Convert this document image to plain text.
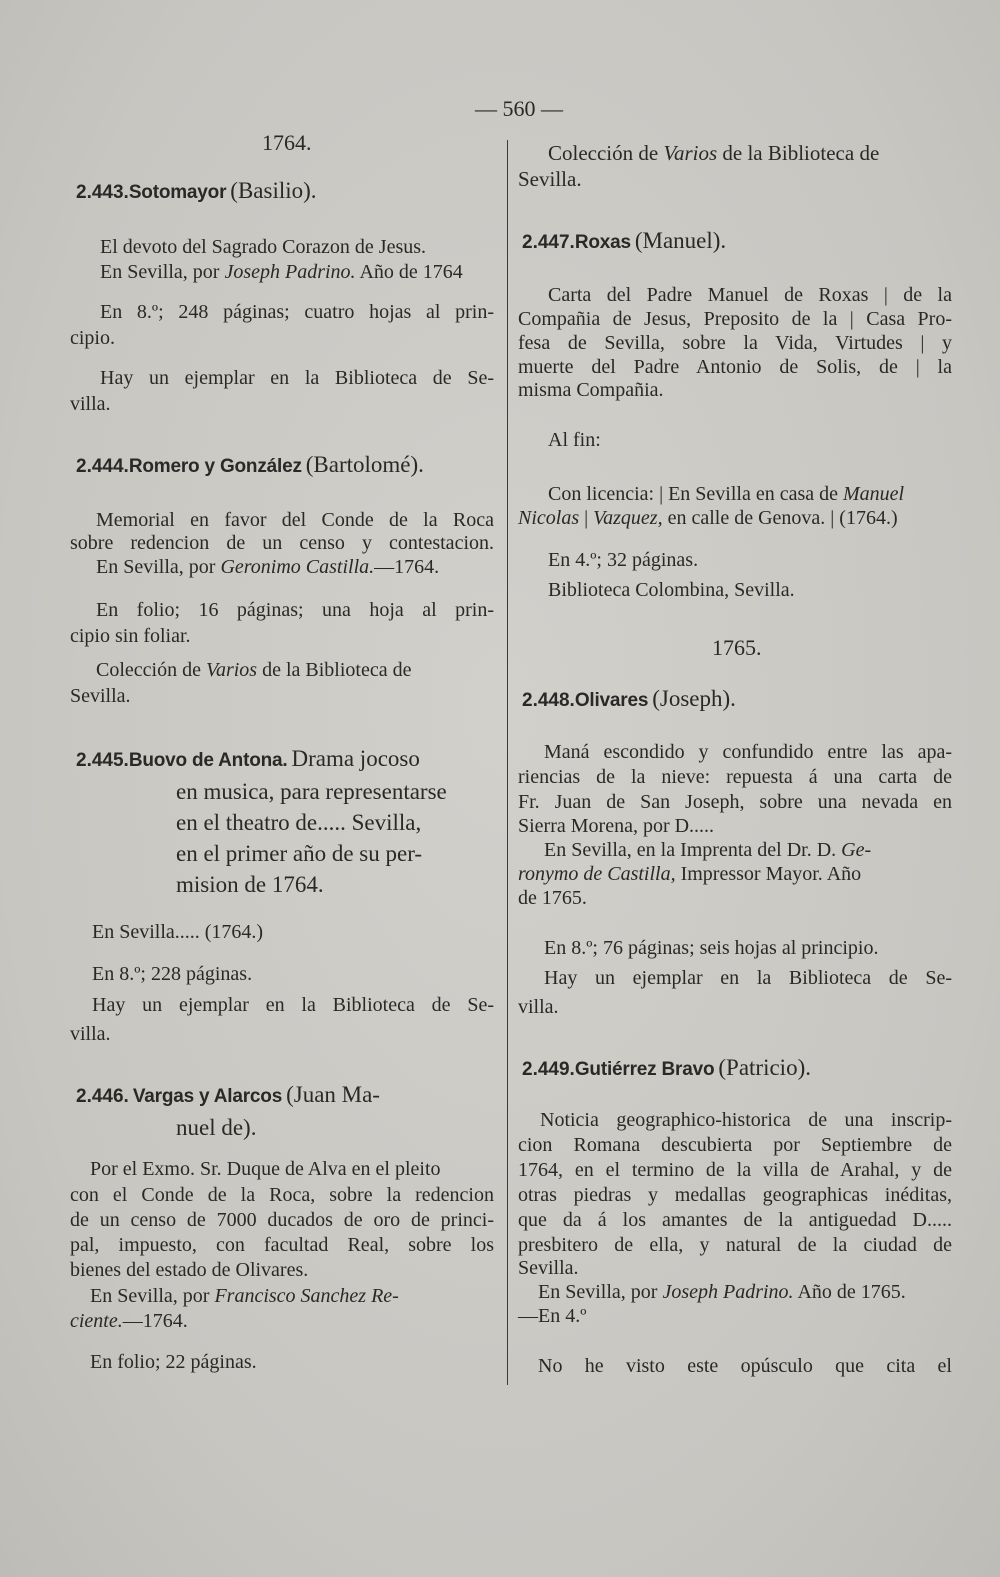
— 560 —
1764.
2.443.Sotomayor (Basilio).
El devoto del Sagrado Corazon de Jesus.
En Sevilla, por Joseph Padrino. Año de 1764
En 8.º; 248 páginas; cuatro hojas al prin-
cipio.
Hay un ejemplar en la Biblioteca de Se-
villa.
2.444.Romero y González (Bartolomé).
Memorial en favor del Conde de la Roca
sobre redencion de un censo y contestacion.
En Sevilla, por Geronimo Castilla.—1764.
En folio; 16 páginas; una hoja al prin-
cipio sin foliar.
Colección de Varios de la Biblioteca de
Sevilla.
2.445.Buovo de Antona. Drama jocoso
en musica, para representarse
en el theatro de..... Sevilla,
en el primer año de su per-
mision de 1764.
En Sevilla..... (1764.)
En 8.º; 228 páginas.
Hay un ejemplar en la Biblioteca de Se-
villa.
2.446. Vargas y Alarcos (Juan Ma-
nuel de).
Por el Exmo. Sr. Duque de Alva en el pleito
con el Conde de la Roca, sobre la redencion
de un censo de 7000 ducados de oro de princi-
pal, impuesto, con facultad Real, sobre los
bienes del estado de Olivares.
En Sevilla, por Francisco Sanchez Re-
ciente.—1764.
En folio; 22 páginas.
Colección de Varios de la Biblioteca de
Sevilla.
2.447.Roxas (Manuel).
Carta del Padre Manuel de Roxas | de la
Compañia de Jesus, Preposito de la | Casa Pro-
fesa de Sevilla, sobre la Vida, Virtudes | y
muerte del Padre Antonio de Solis, de | la
misma Compañia.
Al fin:
Con licencia: | En Sevilla en casa de Manuel
Nicolas | Vazquez, en calle de Genova. | (1764.)
En 4.º; 32 páginas.
Biblioteca Colombina, Sevilla.
1765.
2.448.Olivares (Joseph).
Maná escondido y confundido entre las apa-
riencias de la nieve: repuesta á una carta de
Fr. Juan de San Joseph, sobre una nevada en
Sierra Morena, por D.....
En Sevilla, en la Imprenta del Dr. D. Ge-
ronymo de Castilla, Impressor Mayor. Año
de 1765.
En 8.º; 76 páginas; seis hojas al principio.
Hay un ejemplar en la Biblioteca de Se-
villa.
2.449.Gutiérrez Bravo (Patricio).
Noticia geographico-historica de una inscrip-
cion Romana descubierta por Septiembre de
1764, en el termino de la villa de Arahal, y de
otras piedras y medallas geographicas inéditas,
que da á los amantes de la antiguedad D.....
presbitero de ella, y natural de la ciudad de
Sevilla.
En Sevilla, por Joseph Padrino. Año de 1765.
—En 4.º
No he visto este opúsculo que cita el
